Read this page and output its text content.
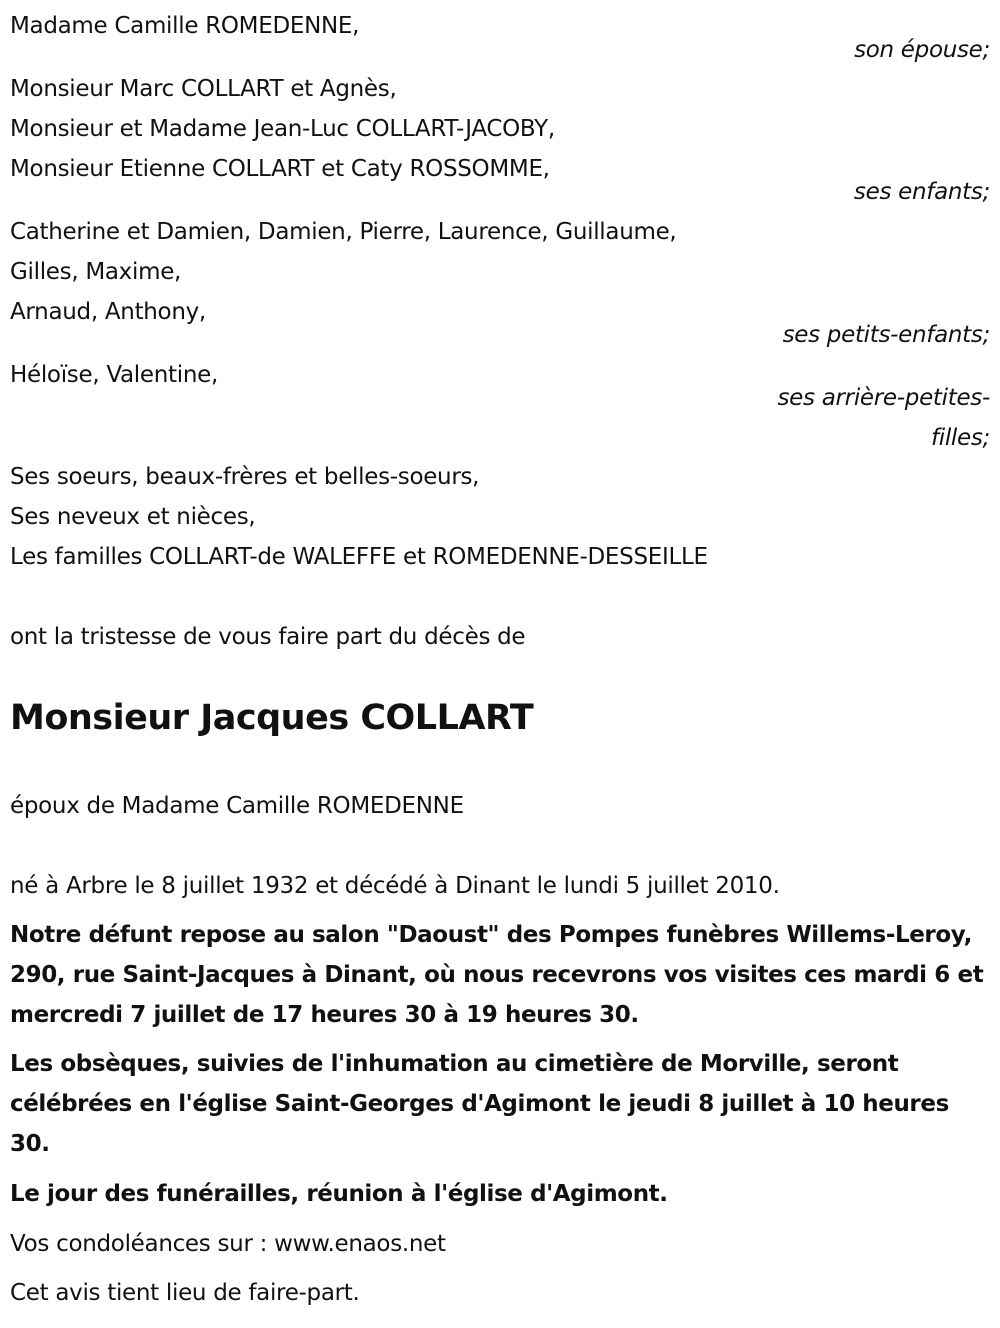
Madame Camille ROMEDENNE,
son épouse;
Monsieur Marc COLLART et Agnès,
Monsieur et Madame Jean-Luc COLLART-JACOBY,
Monsieur Etienne COLLART et Caty ROSSOMME,
ses enfants;
Catherine et Damien, Damien, Pierre, Laurence, Guillaume,
Gilles, Maxime,
Arnaud, Anthony,
ses petits-enfants;
Héloïse, Valentine,
ses arrière-petites-
filles;
Ses soeurs, beaux-frères et belles-soeurs,
Ses neveux et nièces,
Les familles COLLART-de WALEFFE et ROMEDENNE-DESSEILLE
ont la tristesse de vous faire part du décès de
Monsieur Jacques COLLART
époux de Madame Camille ROMEDENNE
né à Arbre le 8 juillet 1932 et décédé à Dinant le lundi 5 juillet 2010.
Notre défunt repose au salon "Daoust" des Pompes funèbres Willems-Leroy, 290, rue Saint-Jacques à Dinant, où nous recevrons vos visites ces mardi 6 et mercredi 7 juillet de 17 heures 30 à 19 heures 30.
Les obsèques, suivies de l'inhumation au cimetière de Morville, seront célébrées en l'église Saint-Georges d'Agimont le jeudi 8 juillet à 10 heures 30.
Le jour des funérailles, réunion à l'église d'Agimont.
Vos condoléances sur : www.enaos.net
Cet avis tient lieu de faire-part.
